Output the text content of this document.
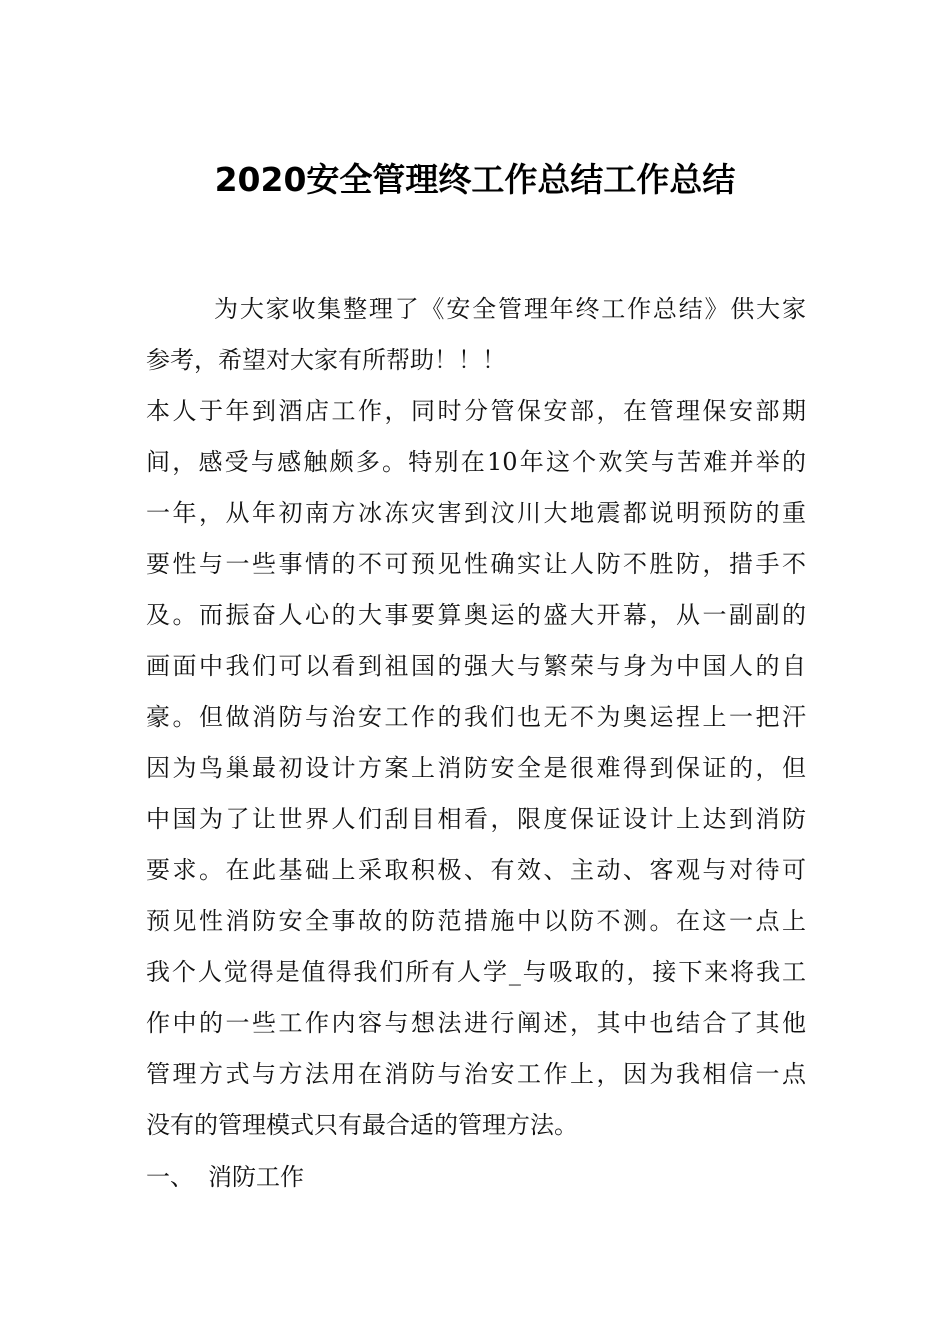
2020安全管理终工作总结工作总结
为大家收集整理了《安全管理年终工作总结》供大家
参考，希望对大家有所帮助！！！
本人于年到酒店工作，同时分管保安部，在管理保安部期
间，感受与感触颇多。特别在10年这个欢笑与苦难并举的
一年，从年初南方冰冻灾害到汶川大地震都说明预防的重
要性与一些事情的不可预见性确实让人防不胜防，措手不
及。而振奋人心的大事要算奥运的盛大开幕，从一副副的
画面中我们可以看到祖国的强大与繁荣与身为中国人的自
豪。但做消防与治安工作的我们也无不为奥运捏上一把汗
因为鸟巢最初设计方案上消防安全是很难得到保证的，但
中国为了让世界人们刮目相看，限度保证设计上达到消防
要求。在此基础上采取积极、有效、主动、客观与对待可
预见性消防安全事故的防范措施中以防不测。在这一点上
我个人觉得是值得我们所有人学_与吸取的，接下来将我工
作中的一些工作内容与想法进行阐述，其中也结合了其他
管理方式与方法用在消防与治安工作上，因为我相信一点
没有的管理模式只有最合适的管理方法。
一、 消防工作
